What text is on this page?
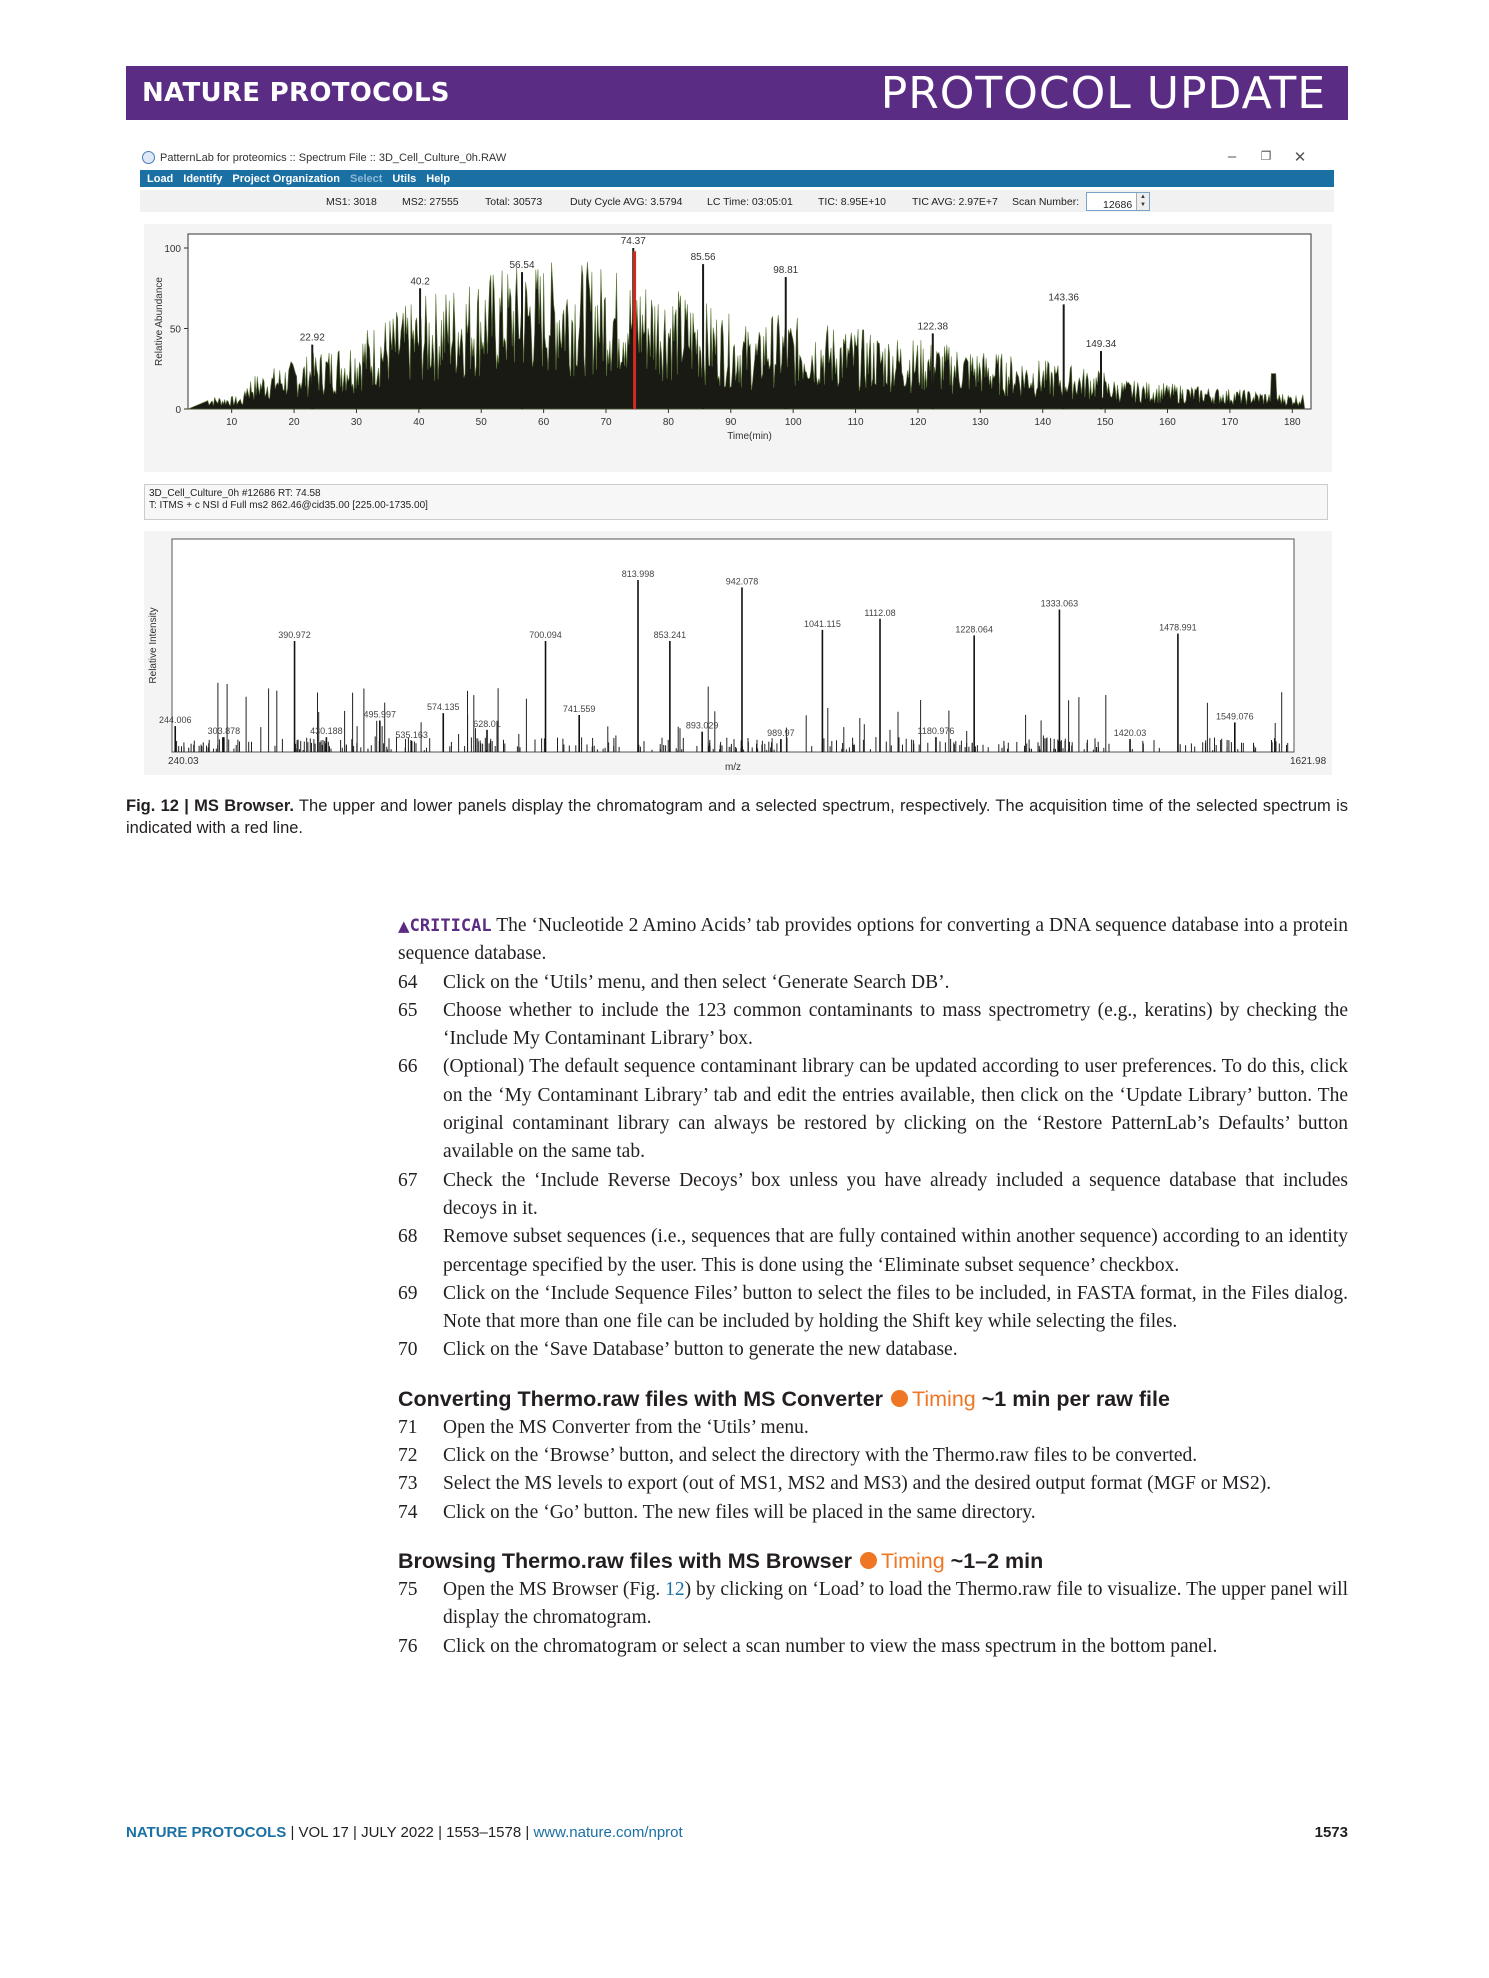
NATURE PROTOCOLS	PROTOCOL UPDATE
PatternLab for proteomics :: Spectrum File :: 3D_Cell_Culture_0h.RAW	–	❐	✕
Load Identify Project Organization Select Utils Help
MS1: 3018 MS2: 27555	Total: 30573	Duty Cycle AVG: 3.5794 LC Time: 03:05:01 TIC: 8.95E+10 TIC AVG: 2.97E+7 Scan Number: 12686
▲
▼
22.92
40.2
56.54
74.37
85.56
98.81
122.38
143.36
149.34
10	20	30	40	50	60	70	80	90	100	110	120	130	140	150	160	170	180
0
50
100
Time(min)
Relative Abundance
3D_Cell_Culture_0h #12686 RT: 74.58
T: ITMS + c NSI d Full ms2 862.46@cid35.00 [225.00-1735.00]
244.006
303.878
390.972
430.188
495.997
535.163
574.135
628.01
700.094
741.559
813.998
853.241
893.029
942.078
989.97
1041.115
1112.08
1180.976
1228.064
1333.063
1420.03
1478.991
1549.076
240.03	1621.98
m/z
Relative Intensity
Fig. 12 | MS Browser. The upper and lower panels display the chromatogram and a selected spectrum, respectively. The acquisition time of the selected spectrum is indicated with a red line.
▲CRITICAL The ‘Nucleotide 2 Amino Acids’ tab provides options for converting a DNA sequence database into a protein sequence database.
64 Click on the ‘Utils’ menu, and then select ‘Generate Search DB’.
65 Choose whether to include the 123 common contaminants to mass spectrometry (e.g., keratins) by checking the ‘Include My Contaminant Library’ box.
66 (Optional) The default sequence contaminant library can be updated according to user preferences. To do this, click on the ‘My Contaminant Library’ tab and edit the entries available, then click on the ‘Update Library’ button. The original contaminant library can always be restored by clicking on the ‘Restore PatternLab’s Defaults’ button available on the same tab.
67 Check the ‘Include Reverse Decoys’ box unless you have already included a sequence database that includes decoys in it.
68 Remove subset sequences (i.e., sequences that are fully contained within another sequence) according to an identity percentage specified by the user. This is done using the ‘Eliminate subset sequence’ checkbox.
69 Click on the ‘Include Sequence Files’ button to select the files to be included, in FASTA format, in the Files dialog. Note that more than one file can be included by holding the Shift key while selecting the files.
70 Click on the ‘Save Database’ button to generate the new database.
Converting Thermo.raw files with MS Converter Timing ~1 min per raw file
71 Open the MS Converter from the ‘Utils’ menu.
72 Click on the ‘Browse’ button, and select the directory with the Thermo.raw files to be converted.
73 Select the MS levels to export (out of MS1, MS2 and MS3) and the desired output format (MGF or MS2).
74 Click on the ‘Go’ button. The new files will be placed in the same directory.
Browsing Thermo.raw files with MS Browser Timing ~1–2 min
75 Open the MS Browser (Fig. 12) by clicking on ‘Load’ to load the Thermo.raw file to visualize. The upper panel will display the chromatogram.
76 Click on the chromatogram or select a scan number to view the mass spectrum in the bottom panel.
NATURE PROTOCOLS | VOL 17 | JULY 2022 | 1553–1578 | www.nature.com/nprot	1573
